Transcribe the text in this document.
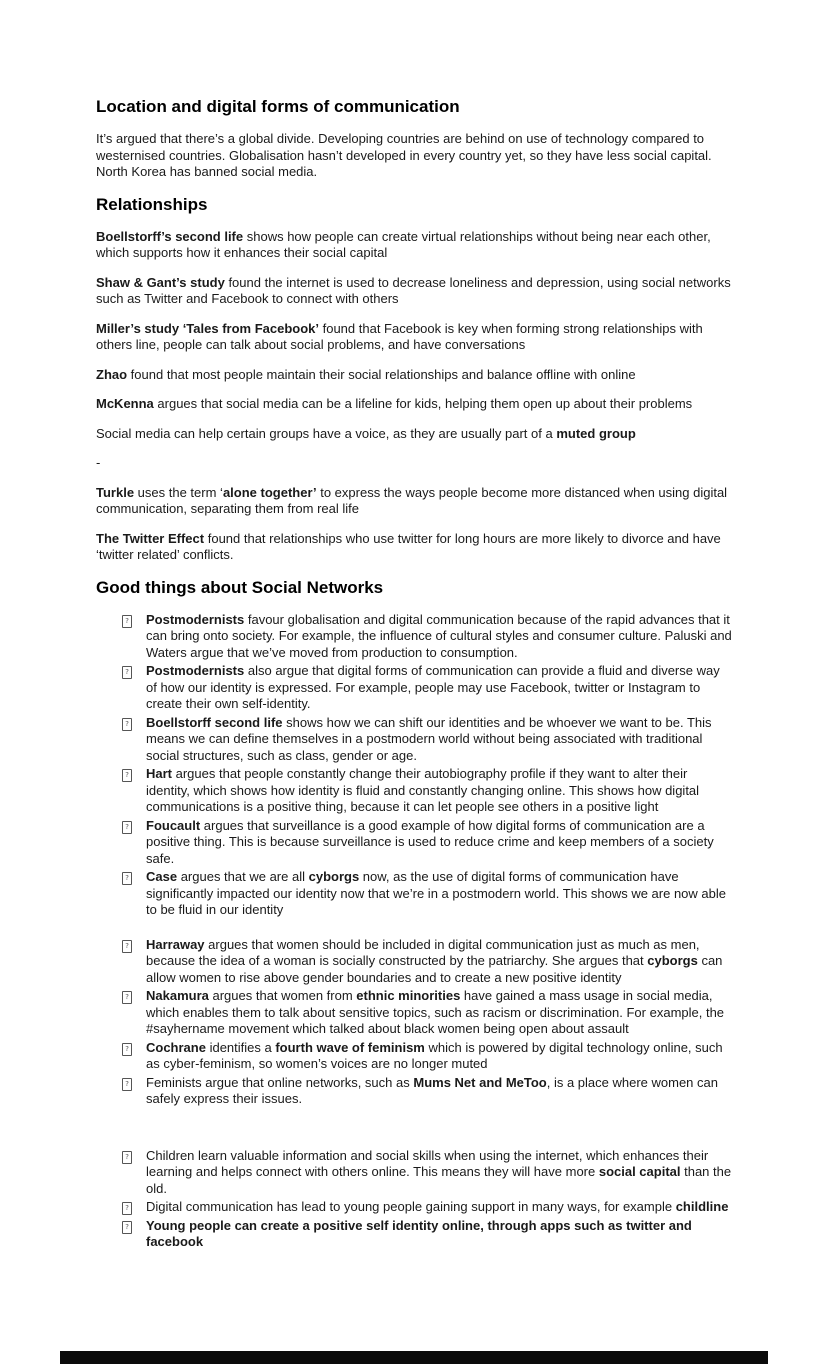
Location and digital forms of communication
It’s argued that there’s a global divide. Developing countries are behind on use of technology compared to westernised countries. Globalisation hasn’t developed in every country yet, so they have less social capital. North Korea has banned social media.
Relationships
Boellstorff’s second life shows how people can create virtual relationships without being near each other, which supports how it enhances their social capital
Shaw & Gant’s study found the internet is used to decrease loneliness and depression, using social networks such as Twitter and Facebook to connect with others
Miller’s study ‘Tales from Facebook’ found that Facebook is key when forming strong relationships with others line, people can talk about social problems, and have conversations
Zhao found that most people maintain their social relationships and balance offline with online
McKenna argues that social media can be a lifeline for kids, helping them open up about their problems
Social media can help certain groups have a voice, as they are usually part of a muted group
-
Turkle uses the term ‘alone together’ to express the ways people become more distanced when using digital communication, separating them from real life
The Twitter Effect found that relationships who use twitter for long hours are more likely to divorce and have ‘twitter related’ conflicts.
Good things about Social Networks
? Postmodernists favour globalisation and digital communication because of the rapid advances that it can bring onto society. For example, the influence of cultural styles and consumer culture. Paluski and Waters argue that we’ve moved from production to consumption.
? Postmodernists also argue that digital forms of communication can provide a fluid and diverse way of how our identity is expressed. For example, people may use Facebook, twitter or Instagram to create their own self-identity.
? Boellstorff second life shows how we can shift our identities and be whoever we want to be. This means we can define themselves in a postmodern world without being associated with traditional social structures, such as class, gender or age.
? Hart argues that people constantly change their autobiography profile if they want to alter their identity, which shows how identity is fluid and constantly changing online. This shows how digital communications is a positive thing, because it can let people see others in a positive light
? Foucault argues that surveillance is a good example of how digital forms of communication are a positive thing. This is because surveillance is used to reduce crime and keep members of a society safe.
? Case argues that we are all cyborgs now, as the use of digital forms of communication have significantly impacted our identity now that we’re in a postmodern world. This shows we are now able to be fluid in our identity
? Harraway argues that women should be included in digital communication just as much as men, because the idea of a woman is socially constructed by the patriarchy. She argues that cyborgs can allow women to rise above gender boundaries and to create a new positive identity
? Nakamura argues that women from ethnic minorities have gained a mass usage in social media, which enables them to talk about sensitive topics, such as racism or discrimination. For example, the #sayhername movement which talked about black women being open about assault
? Cochrane identifies a fourth wave of feminism which is powered by digital technology online, such as cyber-feminism, so women’s voices are no longer muted
? Feminists argue that online networks, such as Mums Net and MeToo, is a place where women can safely express their issues.
? Children learn valuable information and social skills when using the internet, which enhances their learning and helps connect with others online. This means they will have more social capital than the old.
? Digital communication has lead to young people gaining support in many ways, for example childline
? Young people can create a positive self identity online, through apps such as twitter and facebook
